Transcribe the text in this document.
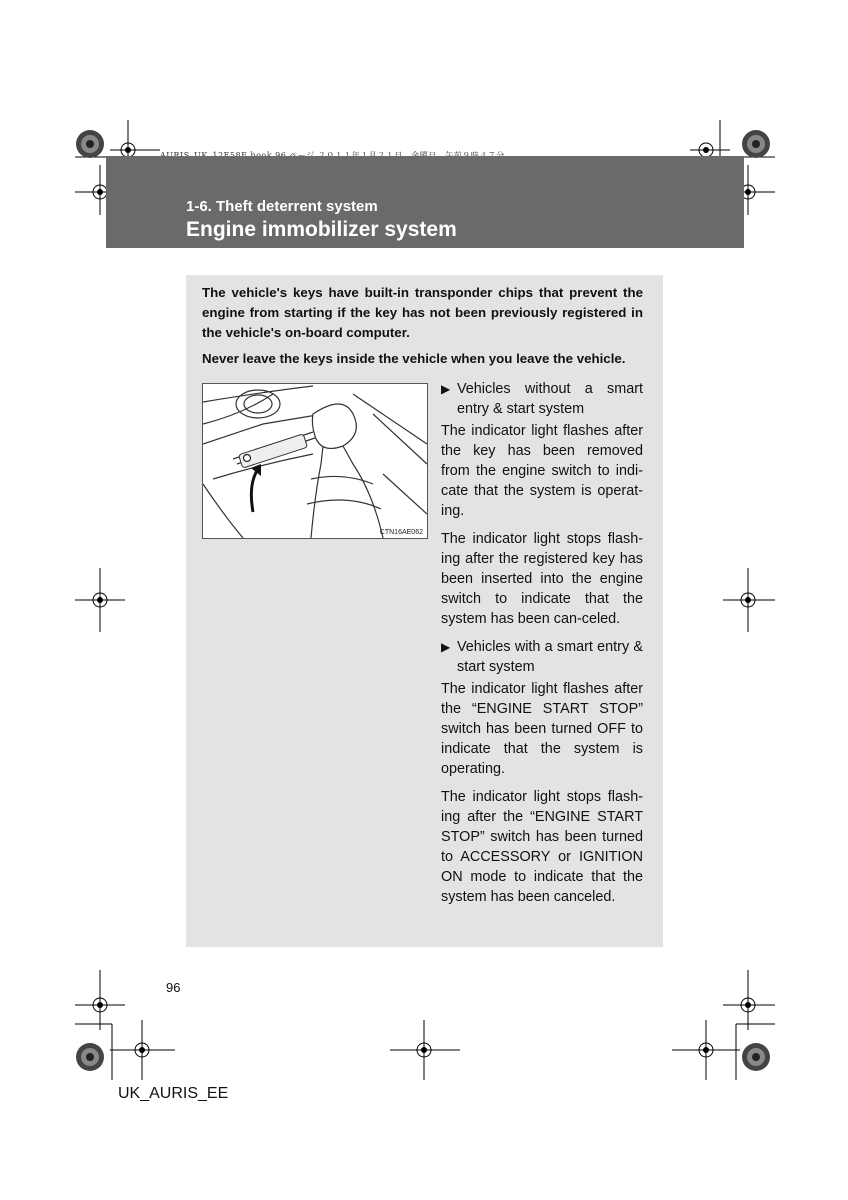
1-6. Theft deterrent system
Engine immobilizer system
The vehicle's keys have built-in transponder chips that prevent the engine from starting if the key has not been previously registered in the vehicle's on-board computer.
Never leave the keys inside the vehicle when you leave the vehicle.
CTN16AE062
▶ Vehicles without a smart entry & start system

The indicator light flashes after the key has been removed from the engine switch to indi-cate that the system is operat-ing.

The indicator light stops flash-ing after the registered key has been inserted into the engine switch to indicate that the system has been can-celed.

▶ Vehicles with a smart entry & start system

The indicator light flashes after the “ENGINE START STOP” switch has been turned OFF to indicate that the system is operating.

The indicator light stops flash-ing after the “ENGINE START STOP” switch has been turned to ACCESSORY or IGNITION ON mode to indicate that the system has been canceled.

96
UK_AURIS_EE
